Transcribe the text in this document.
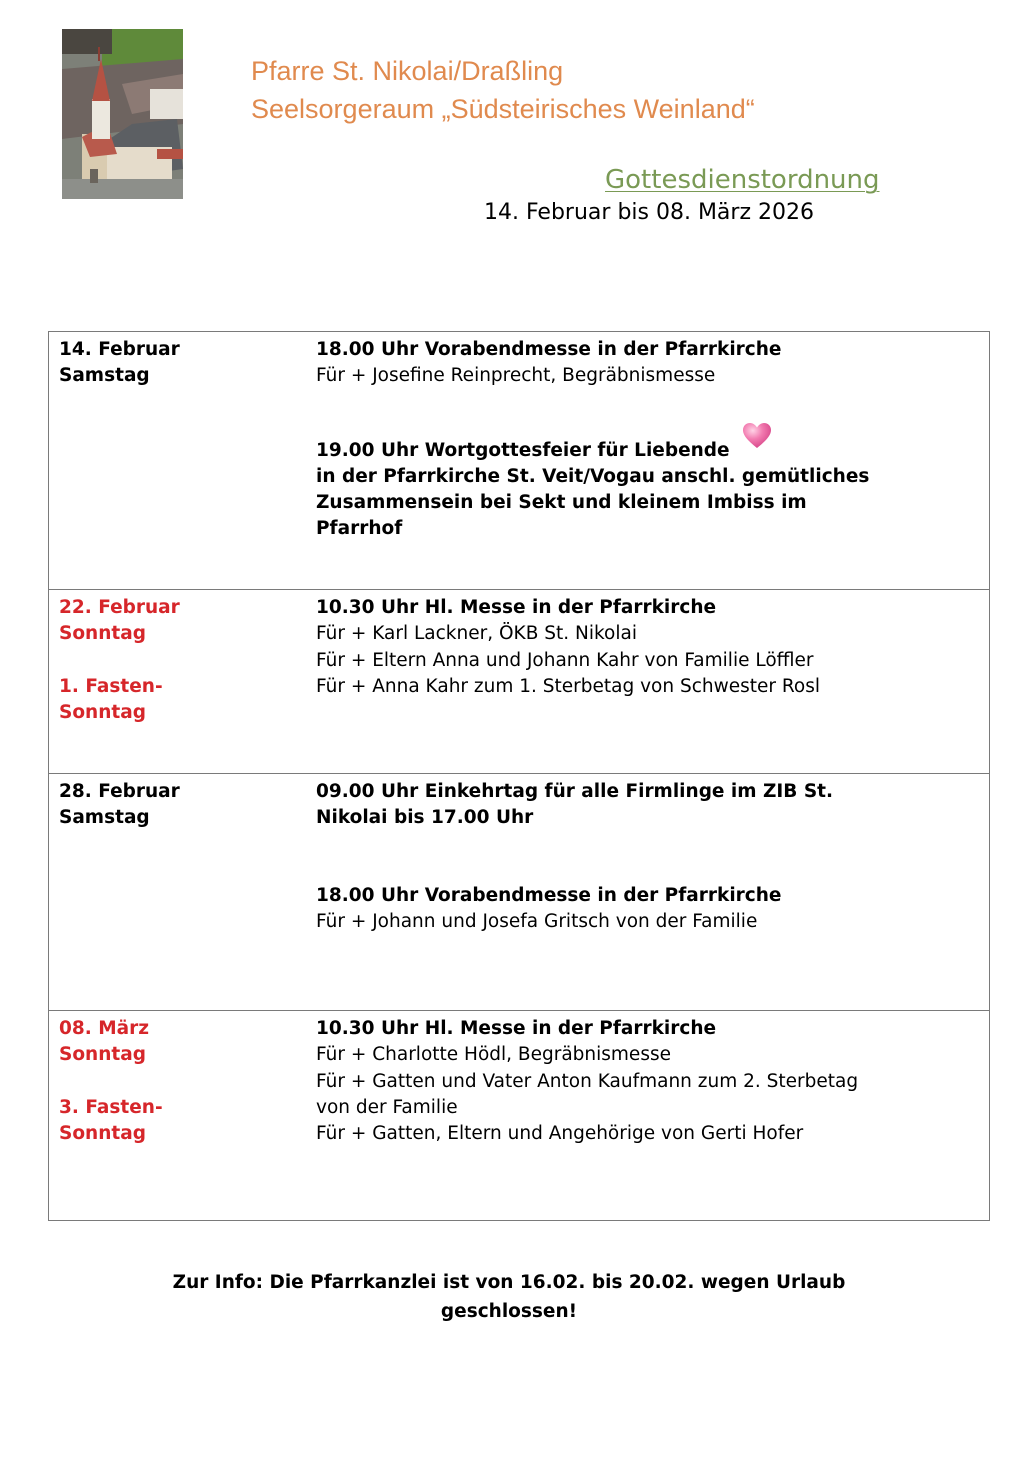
Pfarre St. Nikolai/Draßling
Seelsorgeraum „Südsteirisches Weinland“
Gottesdienstordnung
14. Februar bis 08. März 2026
14. Februar
Samstag
18.00 Uhr Vorabendmesse in der Pfarrkirche
Für + Josefine Reinprecht, Begräbnismesse
19.00 Uhr Wortgottesfeier für Liebende
in der Pfarrkirche St. Veit/Vogau anschl. gemütliches
Zusammensein bei Sekt und kleinem Imbiss im
Pfarrhof
22. Februar
Sonntag
1. Fasten-
Sonntag
10.30 Uhr Hl. Messe in der Pfarrkirche
Für + Karl Lackner, ÖKB St. Nikolai
Für + Eltern Anna und Johann Kahr von Familie Löffler
Für + Anna Kahr zum 1. Sterbetag von Schwester Rosl
28. Februar
Samstag
09.00 Uhr Einkehrtag für alle Firmlinge im ZIB St.
Nikolai bis 17.00 Uhr
18.00 Uhr Vorabendmesse in der Pfarrkirche
Für + Johann und Josefa Gritsch von der Familie
08. März
Sonntag
3. Fasten-
Sonntag
10.30 Uhr Hl. Messe in der Pfarrkirche
Für + Charlotte Hödl, Begräbnismesse
Für + Gatten und Vater Anton Kaufmann zum 2. Sterbetag
von der Familie
Für + Gatten, Eltern und Angehörige von Gerti Hofer
Zur Info: Die Pfarrkanzlei ist von 16.02. bis 20.02. wegen Urlaub
geschlossen!
